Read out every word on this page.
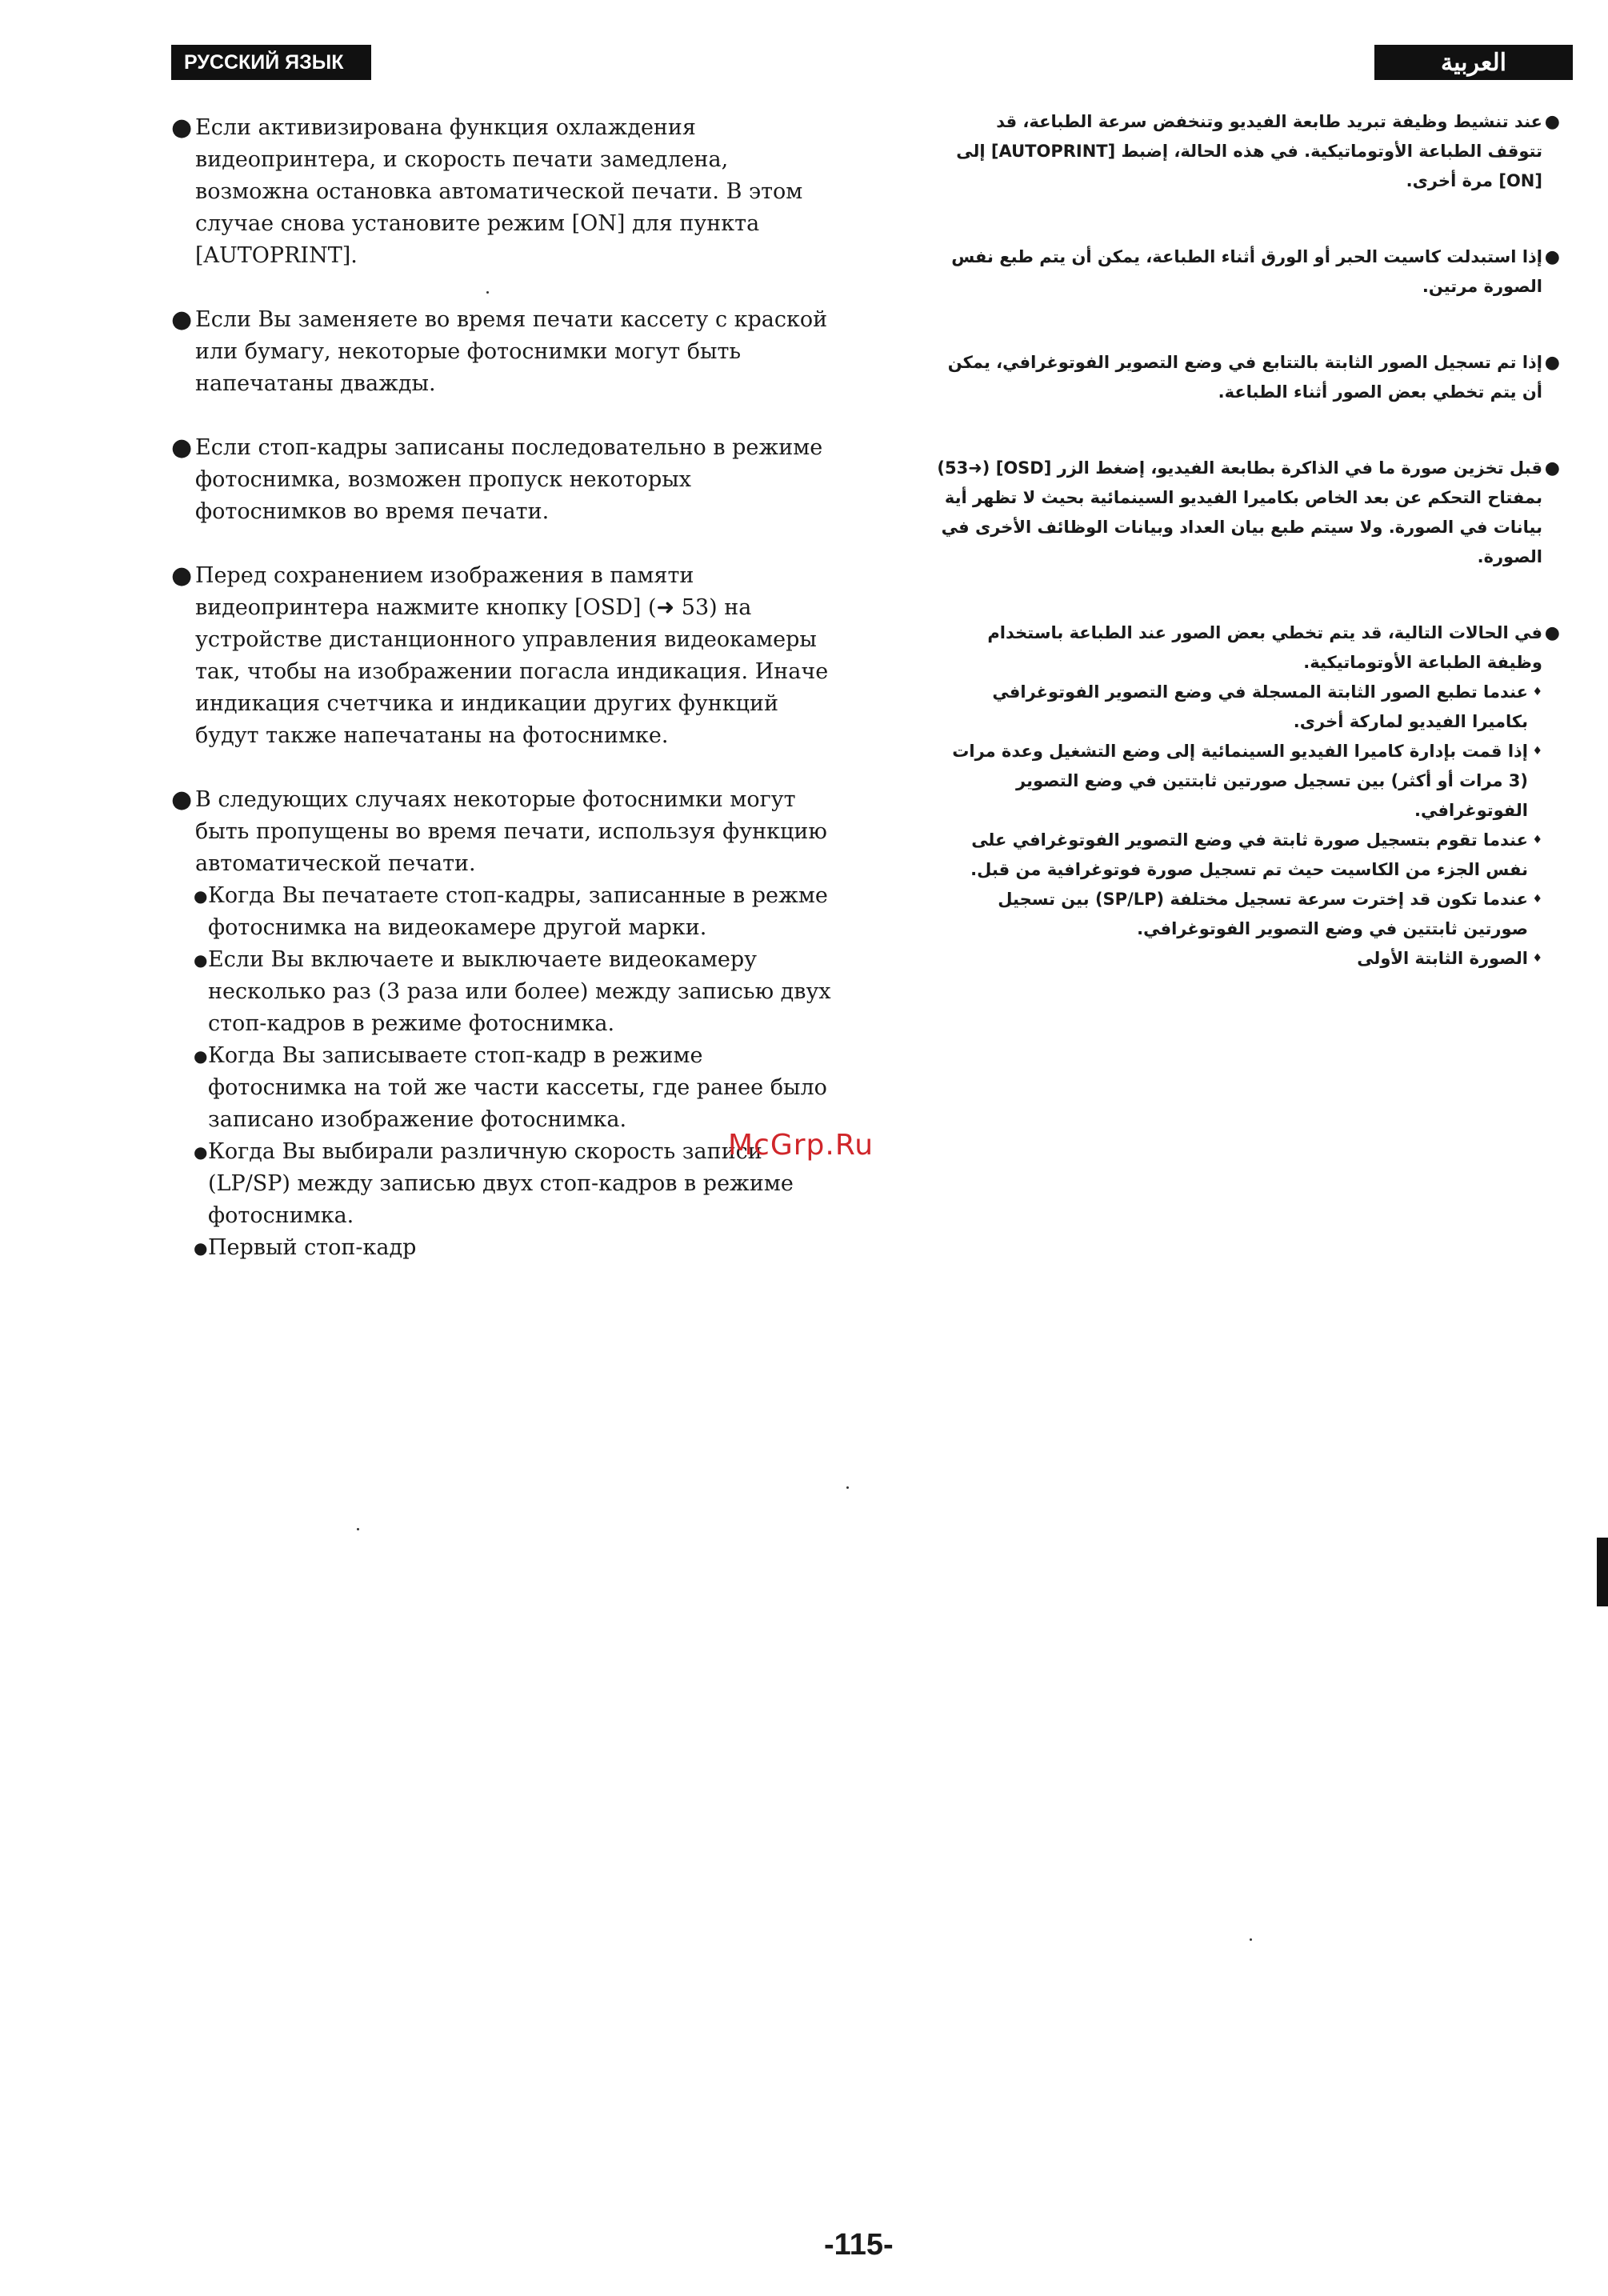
РУССКИЙ ЯЗЫК	العربية
● Если активизирована функция охлаждения видеопринтера, и скорость печати замедлена, возможна остановка автоматической печати. В этом случае снова установите режим [ON] для пункта [AUTOPRINT].
● Если Вы заменяете во время печати кассету с краской или бумагу, некоторые фотоснимки могут быть напечатаны дважды.
● Если стоп-кадры записаны последовательно в режиме фотоснимка, возможен пропуск некоторых фотоснимков во время печати.
● Перед сохранением изображения в памяти видеопринтера нажмите кнопку [OSD] (➜ 53) на устройстве дистанционного управления видеокамеры так, чтобы на изображении погасла индикация. Иначе индикация счетчика и индикации других функций будут также напечатаны на фотоснимке.
● В следующих случаях некоторые фотоснимки могут быть пропущены во время печати, используя функцию автоматической печати.
● Когда Вы печатаете стоп-кадры, записанные в режме фотоснимка на видеокамере другой марки.
● Если Вы включаете и выключаете видеокамеру несколько раз (3 раза или более) между записью двух стоп-кадров в режиме фотоснимка.
● Когда Вы записываете стоп-кадр в режиме фотоснимка на той же части кассеты, где ранее было записано изображение фотоснимка.
● Когда Вы выбирали различную скорость записи (LP/SP) между записью двух стоп-кадров в режиме фотоснимка.
● Первый стоп-кадр
●
عند تنشيط وظيفة تبريد طابعة الفيديو وتنخفض سرعة الطباعة، قد تتوقف الطباعة الأوتوماتيكية. في هذه الحالة، إضبط [AUTOPRINT] إلى [ON] مرة أخرى.
●
إذا استبدلت كاسيت الحبر أو الورق أثناء الطباعة، يمكن أن يتم طبع نفس الصورة مرتين.
●
إذا تم تسجيل الصور الثابتة بالتتابع في وضع التصوير الفوتوغرافي، يمكن أن يتم تخطي بعض الصور أثناء الطباعة.
●
قبل تخزين صورة ما في الذاكرة بطابعة الفيديو، إضغط الزر [OSD] (➜53) بمفتاح التحكم عن بعد الخاص بكاميرا الفيديو السينمائية بحيث لا تظهر أية بيانات في الصورة. ولا سيتم طبع بيان العداد وبيانات الوظائف الأخرى في الصورة.
●
في الحالات التالية، قد يتم تخطي بعض الصور عند الطباعة باستخدام وظيفة الطباعة الأوتوماتيكية.
♦
عندما تطبع الصور الثابتة المسجلة في وضع التصوير الفوتوغرافي بكاميرا الفيديو لماركة أخرى.
♦
إذا قمت بإدارة كاميرا الفيديو السينمائية إلى وضع التشغيل وعدة مرات (3 مرات أو أكثر) بين تسجيل صورتين ثابتتين في وضع التصوير الفوتوغرافي.
♦
عندما تقوم بتسجيل صورة ثابتة في وضع التصوير الفوتوغرافي على نفس الجزء من الكاسيت حيث تم تسجيل صورة فوتوغرافية من قبل.
♦
عندما تكون قد إخترت سرعة تسجيل مختلفة (SP/LP) بين تسجيل صورتين ثابتتين في وضع التصوير الفوتوغرافي.
♦
الصورة الثابتة الأولى
McGrp.Ru
-115-
